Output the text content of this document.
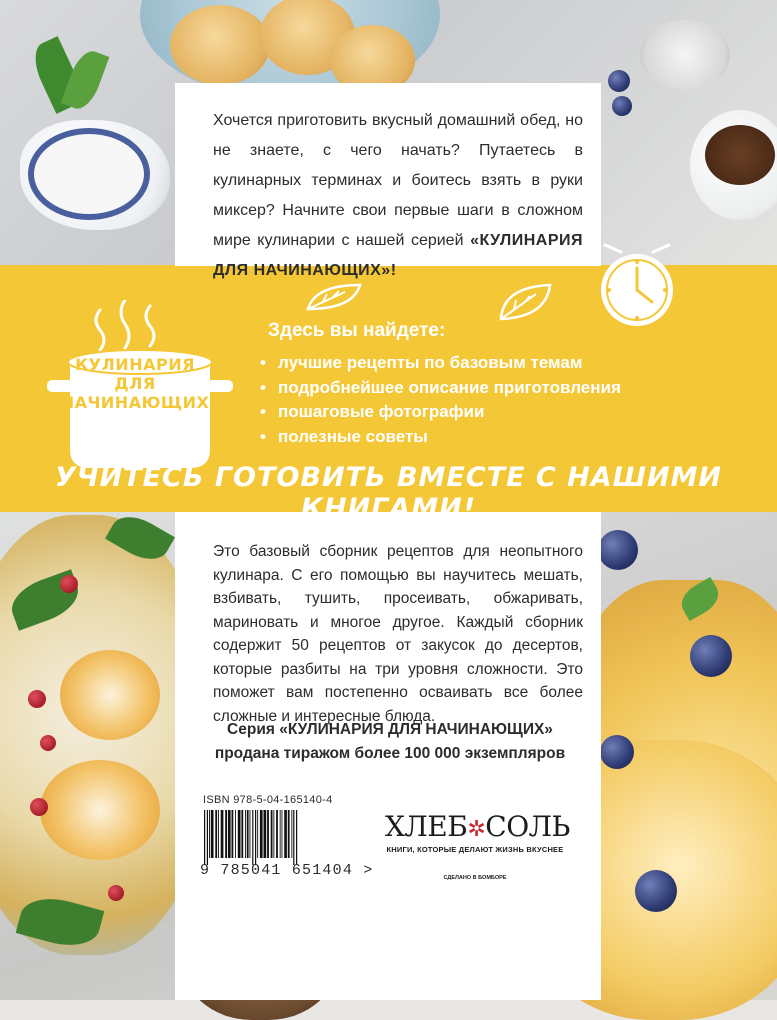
Хочется приготовить вкусный домашний обед, но не знаете, с чего начать? Путаетесь в кулинарных терминах и боитесь взять в руки миксер? Начните свои первые шаги в сложном мире кулинарии с нашей серией «КУЛИНАРИЯ ДЛЯ НАЧИНАЮЩИХ»!
КУЛИНАРИЯ
ДЛЯ
НАЧИНАЮЩИХ
Здесь вы найдете:
• лучшие рецепты по базовым темам
• подробнейшее описание приготовления
• пошаговые фотографии
• полезные советы
УЧИТЕСЬ ГОТОВИТЬ ВМЕСТЕ С НАШИМИ КНИГАМИ!
Это базовый сборник рецептов для неопытного кулинара. С его помощью вы научитесь мешать, взбивать, тушить, просеивать, обжаривать, мариновать и многое другое. Каждый сборник содержит 50 рецептов от закусок до десертов, которые разбиты на три уровня сложности. Это поможет вам постепенно осваивать все более сложные и интересные блюда.
Серия «КУЛИНАРИЯ ДЛЯ НАЧИНАЮЩИХ»
продана тиражом более 100 000 экземпляров
ISBN 978-5-04-165140-4
9 785041 651404 >
ХЛЕБ✲СОЛЬ
КНИГИ, КОТОРЫЕ ДЕЛАЮТ ЖИЗНЬ ВКУСНЕЕ
СДЕЛАНО В БОМБОРЕ
